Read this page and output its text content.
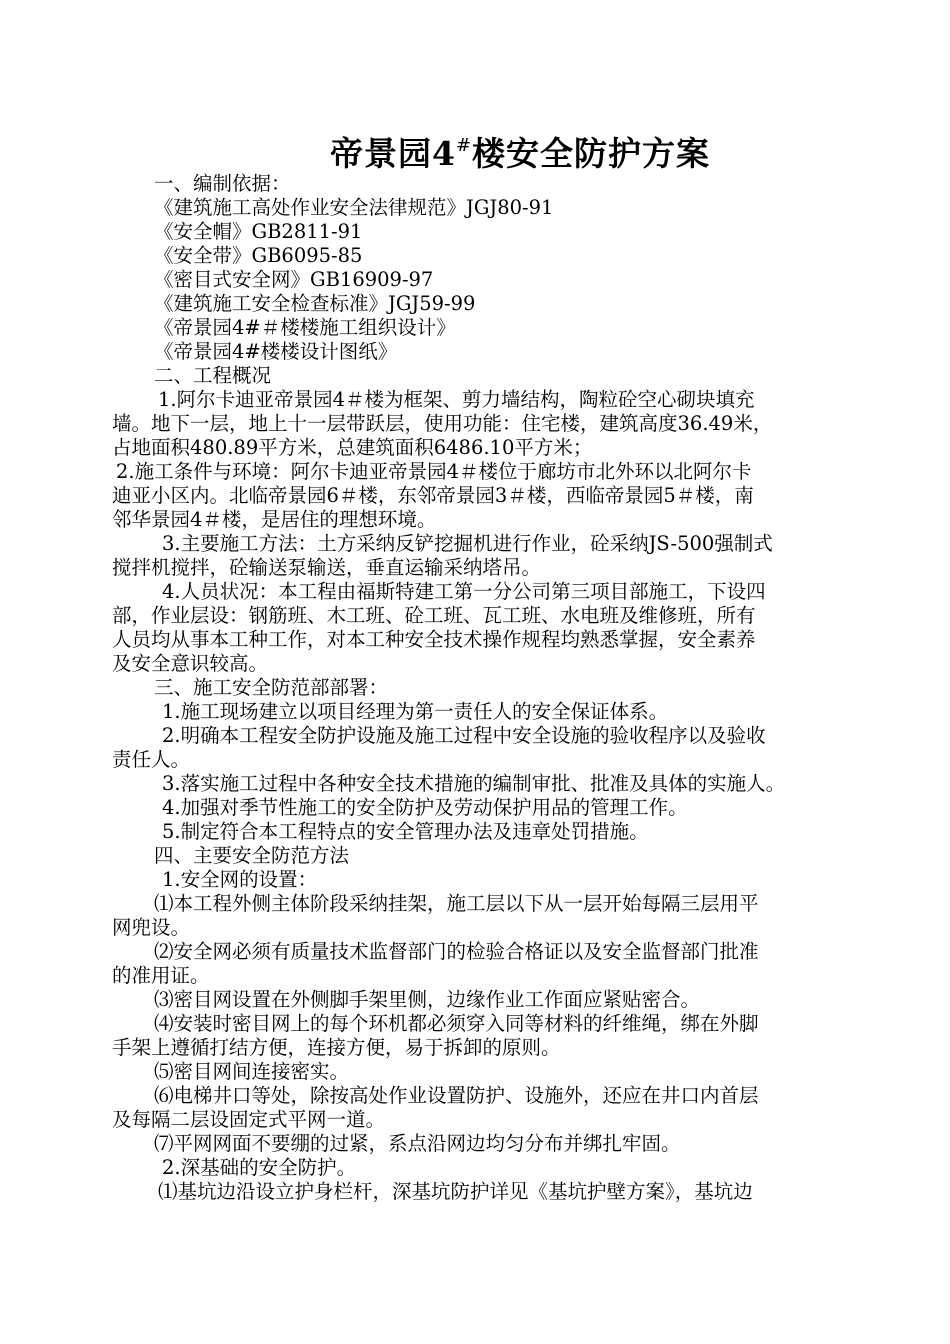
帝景园4#楼安全防护方案

一、编制依据：

《建筑施工高处作业安全法律规范》JGJ80-91

《安全帽》GB2811-91

《安全带》GB6095-85

《密目式安全网》GB16909-97

《建筑施工安全检查标准》JGJ59-99

《帝景园4#＃楼楼施工组织设计》

《帝景园4#楼楼设计图纸》

二、工程概况

1.阿尔卡迪亚帝景园4＃楼为框架、剪力墙结构，陶粒砼空心砌块填充

墙。地下一层，地上十一层带跃层，使用功能：住宅楼，建筑高度36.49米，

占地面积480.89平方米，总建筑面积6486.10平方米；

2.施工条件与环境：阿尔卡迪亚帝景园4＃楼位于廊坊市北外环以北阿尔卡

迪亚小区内。北临帝景园6＃楼，东邻帝景园3＃楼，西临帝景园5＃楼，南

邻华景园4＃楼，是居住的理想环境。

3.主要施工方法：土方采纳反铲挖掘机进行作业，砼采纳JS-500强制式

搅拌机搅拌，砼输送泵输送，垂直运输采纳塔吊。

4.人员状况：本工程由福斯特建工第一分公司第三项目部施工，下设四

部，作业层设：钢筋班、木工班、砼工班、瓦工班、水电班及维修班，所有

人员均从事本工种工作，对本工种安全技术操作规程均熟悉掌握，安全素养

及安全意识较高。

三、施工安全防范部部署：

1.施工现场建立以项目经理为第一责任人的安全保证体系。

2.明确本工程安全防护设施及施工过程中安全设施的验收程序以及验收

责任人。

3.落实施工过程中各种安全技术措施的编制审批、批准及具体的实施人。

4.加强对季节性施工的安全防护及劳动保护用品的管理工作。

5.制定符合本工程特点的安全管理办法及违章处罚措施。

四、主要安全防范方法

1.安全网的设置：

⑴本工程外侧主体阶段采纳挂架，施工层以下从一层开始每隔三层用平

网兜设。

⑵安全网必须有质量技术监督部门的检验合格证以及安全监督部门批准

的准用证。

⑶密目网设置在外侧脚手架里侧，边缘作业工作面应紧贴密合。

⑷安装时密目网上的每个环机都必须穿入同等材料的纤维绳，绑在外脚

手架上遵循打结方便，连接方便，易于拆卸的原则。

⑸密目网间连接密实。

⑹电梯井口等处，除按高处作业设置防护、设施外，还应在井口内首层

及每隔二层设固定式平网一道。

⑺平网网面不要绷的过紧，系点沿网边均匀分布并绑扎牢固。

2.深基础的安全防护。

⑴基坑边沿设立护身栏杆，深基坑防护详见《基坑护壁方案》，基坑边
